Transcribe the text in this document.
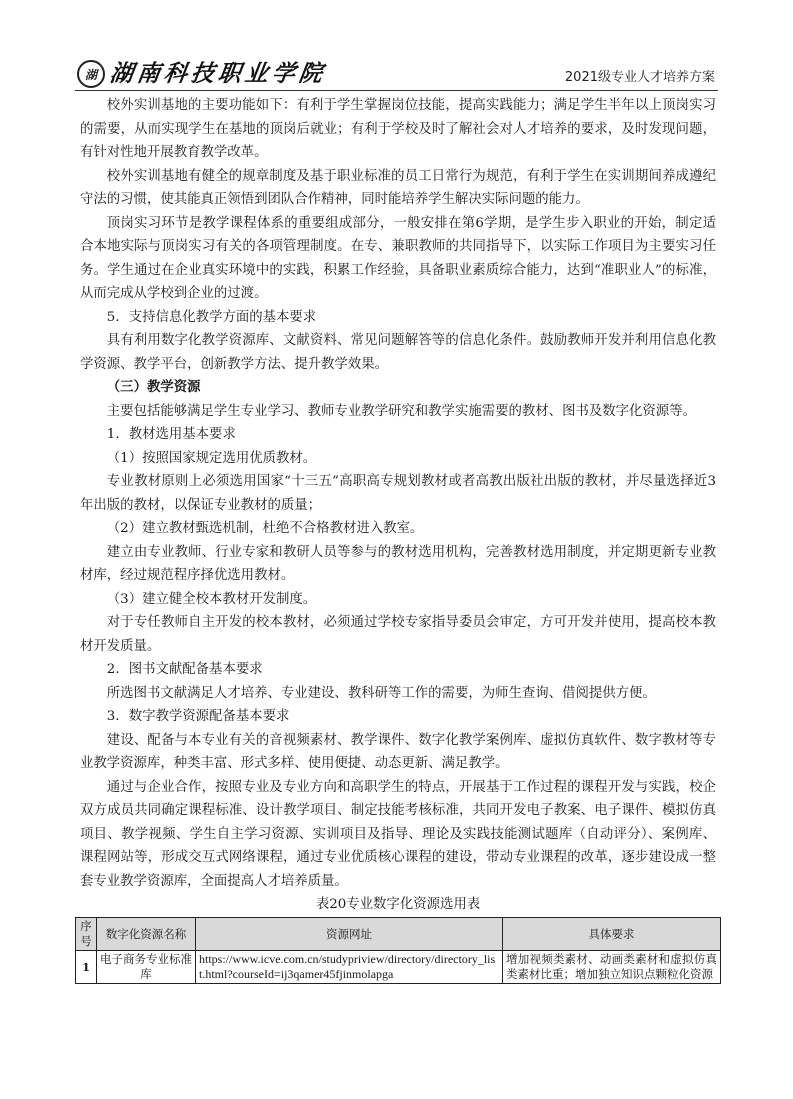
湖 湖南科技职业学院	2021级专业人才培养方案

校外实训基地的主要功能如下：有利于学生掌握岗位技能，提高实践能力；满足学生半年以上顶岗实习的需要，从而实现学生在基地的顶岗后就业；有利于学校及时了解社会对人才培养的要求，及时发现问题，有针对性地开展教育教学改革。

校外实训基地有健全的规章制度及基于职业标准的员工日常行为规范，有利于学生在实训期间养成遵纪守法的习惯，使其能真正领悟到团队合作精神，同时能培养学生解决实际问题的能力。

顶岗实习环节是教学课程体系的重要组成部分，一般安排在第6学期，是学生步入职业的开始，制定适合本地实际与顶岗实习有关的各项管理制度。在专、兼职教师的共同指导下，以实际工作项目为主要实习任务。学生通过在企业真实环境中的实践，积累工作经验，具备职业素质综合能力，达到“准职业人”的标准，从而完成从学校到企业的过渡。

5．支持信息化教学方面的基本要求

具有利用数字化教学资源库、文献资料、常见问题解答等的信息化条件。鼓励教师开发并利用信息化教学资源、教学平台，创新教学方法、提升教学效果。

（三）教学资源

主要包括能够满足学生专业学习、教师专业教学研究和教学实施需要的教材、图书及数字化资源等。

1．教材选用基本要求

（1）按照国家规定选用优质教材。

专业教材原则上必须选用国家“十三五”高职高专规划教材或者高教出版社出版的教材，并尽量选择近3年出版的教材，以保证专业教材的质量；

（2）建立教材甄选机制，杜绝不合格教材进入教室。

建立由专业教师、行业专家和教研人员等参与的教材选用机构，完善教材选用制度，并定期更新专业教材库，经过规范程序择优选用教材。

（3）建立健全校本教材开发制度。

对于专任教师自主开发的校本教材，必须通过学校专家指导委员会审定，方可开发并使用，提高校本教材开发质量。

2．图书文献配备基本要求

所选图书文献满足人才培养、专业建设、教科研等工作的需要，为师生查询、借阅提供方便。

3．数字教学资源配备基本要求

建设、配备与本专业有关的音视频素材、教学课件、数字化教学案例库、虚拟仿真软件、数字教材等专业教学资源库，种类丰富、形式多样、使用便捷、动态更新、满足教学。

通过与企业合作，按照专业及专业方向和高职学生的特点，开展基于工作过程的课程开发与实践，校企双方成员共同确定课程标准、设计教学项目、制定技能考核标准，共同开发电子教案、电子课件、模拟仿真项目、教学视频、学生自主学习资源、实训项目及指导、理论及实践技能测试题库（自动评分）、案例库、课程网站等，形成交互式网络课程，通过专业优质核心课程的建设，带动专业课程的改革，逐步建设成一整套专业教学资源库，全面提高人才培养质量。

表20专业数字化资源选用表

序号	数字化资源名称	资源网址	具体要求
1	电子商务专业标准库	https://www.icve.com.cn/studypriview/directory/directory_list.html?courseId=ij3qamer45fjinmolapga	增加视频类素材、动画类素材和虚拟仿真类素材比重；增加独立知识点颗粒化资源
